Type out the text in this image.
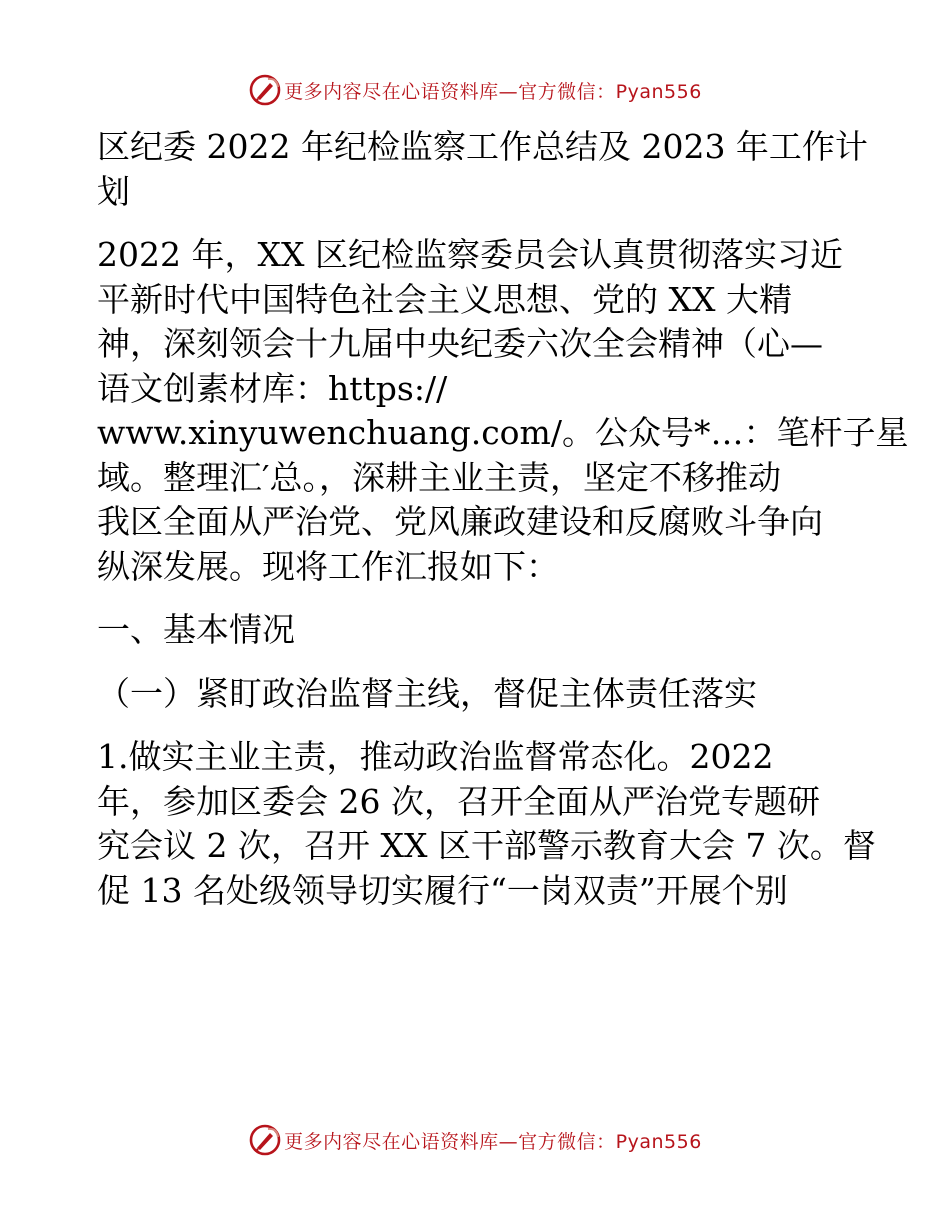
更多内容尽在心语资料库—官方微信：Pyan556

区纪委 2022 年纪检监察工作总结及 2023 年工作计

划

2022 年，XX 区纪检监察委员会认真贯彻落实习近

平新时代中国特色社会主义思想、党的 XX 大精

神，深刻领会十九届中央纪委六次全会精神（心—

语文创素材库：https://

www.xinyuwenchuang.com/。公众号*…：笔杆子星

域。整理汇′总。，深耕主业主责，坚定不移推动

我区全面从严治党、党风廉政建设和反腐败斗争向

纵深发展。现将工作汇报如下：

一、基本情况

（一）紧盯政治监督主线，督促主体责任落实

1.做实主业主责，推动政治监督常态化。2022

年，参加区委会 26 次，召开全面从严治党专题研

究会议 2 次，召开 XX 区干部警示教育大会 7 次。督

促 13 名处级领导切实履行“一岗双责”开展个别

更多内容尽在心语资料库—官方微信：Pyan556
